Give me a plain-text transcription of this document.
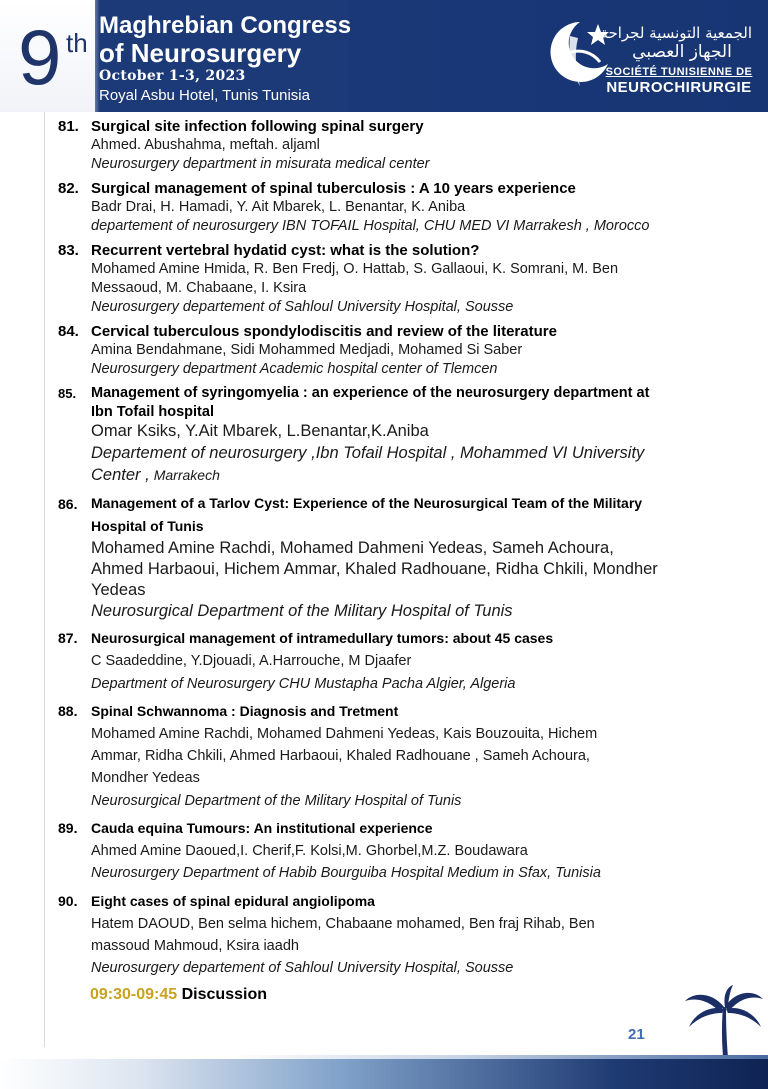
9 th
Maghrebian Congress
of Neurosurgery
October 1-3, 2023
Royal Asbu Hotel, Tunis Tunisia
الجمعية التونسية لجراحة
الجهاز العصبي
SOCIÉTÉ TUNISIENNE DE
NEUROCHIRURGIE
81. Surgical site infection following spinal surgery
Ahmed. Abushahma, meftah. aljaml
Neurosurgery department in misurata medical center
82. Surgical management of spinal tuberculosis : A 10 years experience
Badr Drai, H. Hamadi, Y. Ait Mbarek, L. Benantar, K. Aniba
departement of neurosurgery IBN TOFAIL Hospital, CHU MED VI Marrakesh , Morocco
83. Recurrent vertebral hydatid cyst: what is the solution?
Mohamed Amine Hmida, R. Ben Fredj, O. Hattab, S. Gallaoui, K. Somrani, M. Ben
Messaoud, M. Chabaane, I. Ksira
Neurosurgery departement of Sahloul University Hospital, Sousse
84. Cervical tuberculous spondylodiscitis and review of the literature
Amina Bendahmane, Sidi Mohammed Medjadi, Mohamed Si Saber
Neurosurgery department Academic hospital center of Tlemcen
85. Management of syringomyelia : an experience of the neurosurgery department at
Ibn Tofail hospital
Omar Ksiks, Y.Ait Mbarek, L.Benantar,K.Aniba
Departement of neurosurgery ,Ibn Tofail Hospital , Mohammed VI University
Center , Marrakech
86. Management of a Tarlov Cyst: Experience of the Neurosurgical Team of the Military
Hospital of Tunis
Mohamed Amine Rachdi, Mohamed Dahmeni Yedeas, Sameh Achoura,
Ahmed Harbaoui, Hichem Ammar, Khaled Radhouane, Ridha Chkili, Mondher
Yedeas
Neurosurgical Department of the Military Hospital of Tunis
87. Neurosurgical management of intramedullary tumors: about 45 cases
C Saadeddine, Y.Djouadi, A.Harrouche, M Djaafer
Department of Neurosurgery CHU Mustapha Pacha Algier, Algeria
88. Spinal Schwannoma : Diagnosis and Tretment
Mohamed Amine Rachdi, Mohamed Dahmeni Yedeas, Kais Bouzouita, Hichem
Ammar, Ridha Chkili, Ahmed Harbaoui, Khaled Radhouane , Sameh Achoura,
Mondher Yedeas
Neurosurgical Department of the Military Hospital of Tunis
89. Cauda equina Tumours: An institutional experience
Ahmed Amine Daoued,I. Cherif,F. Kolsi,M. Ghorbel,M.Z. Boudawara
Neurosurgery Department of Habib Bourguiba Hospital Medium in Sfax, Tunisia
90. Eight cases of spinal epidural angiolipoma
Hatem DAOUD, Ben selma hichem, Chabaane mohamed, Ben fraj Rihab, Ben
massoud Mahmoud, Ksira iaadh
Neurosurgery departement of Sahloul University Hospital, Sousse
09:30-09:45 Discussion
21
